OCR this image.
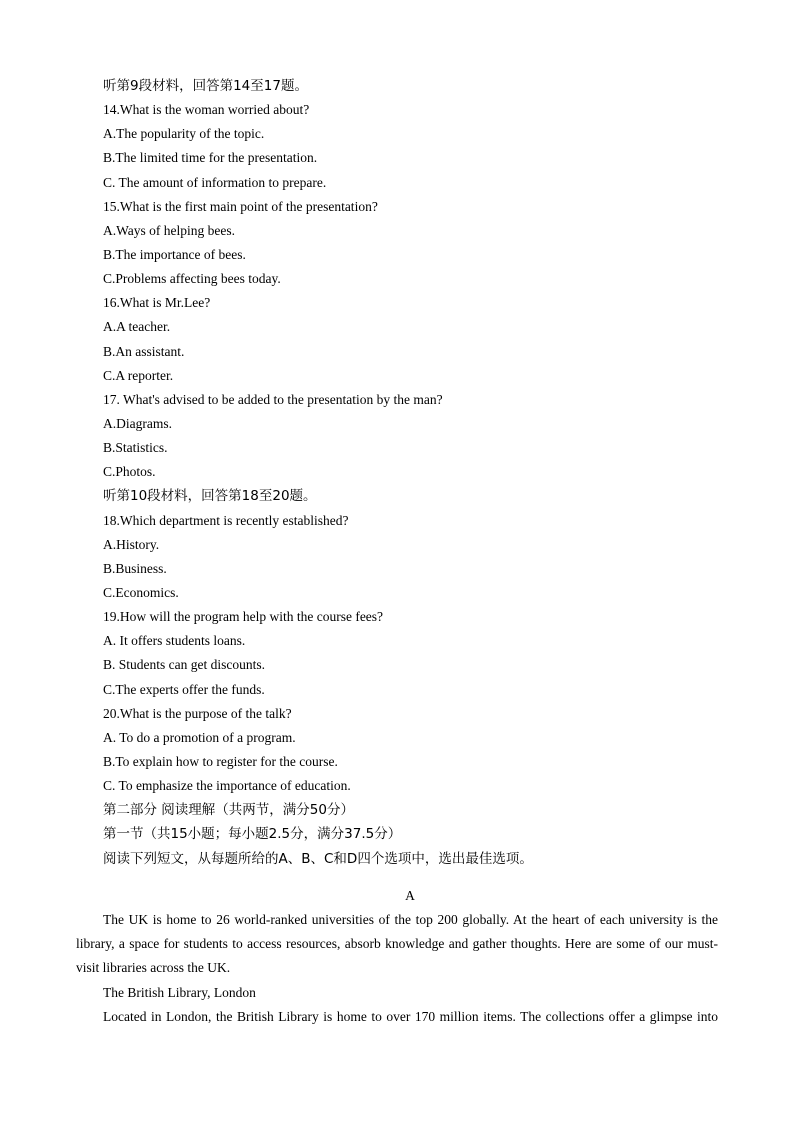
听第9段材料，回答第14至17题。
14.What is the woman worried about?
A.The popularity of the topic.
B.The limited time for the presentation.
C. The amount of information to prepare.
15.What is the first main point of the presentation?
A.Ways of helping bees.
B.The importance of bees.
C.Problems affecting bees today.
16.What is Mr.Lee?
A.A teacher.
B.An assistant.
C.A reporter.
17. What's advised to be added to the presentation by the man?
A.Diagrams.
B.Statistics.
C.Photos.
听第10段材料，回答第18至20题。
18.Which department is recently established?
A.History.
B.Business.
C.Economics.
19.How will the program help with the course fees?
A. It offers students loans.
B. Students can get discounts.
C.The experts offer the funds.
20.What is the purpose of the talk?
A. To do a promotion of a program.
B.To explain how to register for the course.
C. To emphasize the importance of education.
第二部分 阅读理解（共两节，满分50分）
第一节（共15小题；每小题2.5分，满分37.5分）
阅读下列短文，从每题所给的A、B、C和D四个选项中，选出最佳选项。
A

The UK is home to 26 world-ranked universities of the top 200 globally. At the heart of each university is the library, a space for students to access resources, absorb knowledge and gather thoughts. Here are some of our must-visit libraries across the UK.

The British Library, London

Located in London, the British Library is home to over 170 million items. The collections offer a glimpse into
